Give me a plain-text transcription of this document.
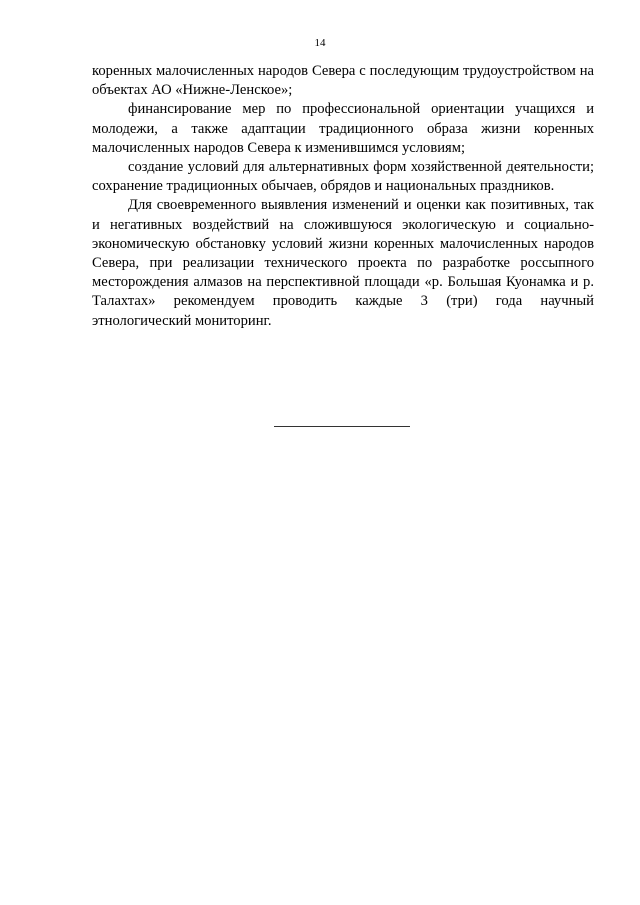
14

коренных малочисленных народов Севера с последующим трудоустройством на объектах АО «Нижне-Ленское»;

финансирование мер по профессиональной ориентации учащихся и молодежи, а также адаптации традиционного образа жизни коренных малочисленных народов Севера к изменившимся условиям;

создание условий для альтернативных форм хозяйственной деятельности; сохранение традиционных обычаев, обрядов и национальных праздников.

Для своевременного выявления изменений и оценки как позитивных, так и негативных воздействий на сложившуюся экологическую и социально-экономическую обстановку условий жизни коренных малочисленных народов Севера, при реализации технического проекта по разработке россыпного месторождения алмазов на перспективной площади «р. Большая Куонамка и р. Талахтах» рекомендуем проводить каждые 3 (три) года научный этнологический мониторинг.
